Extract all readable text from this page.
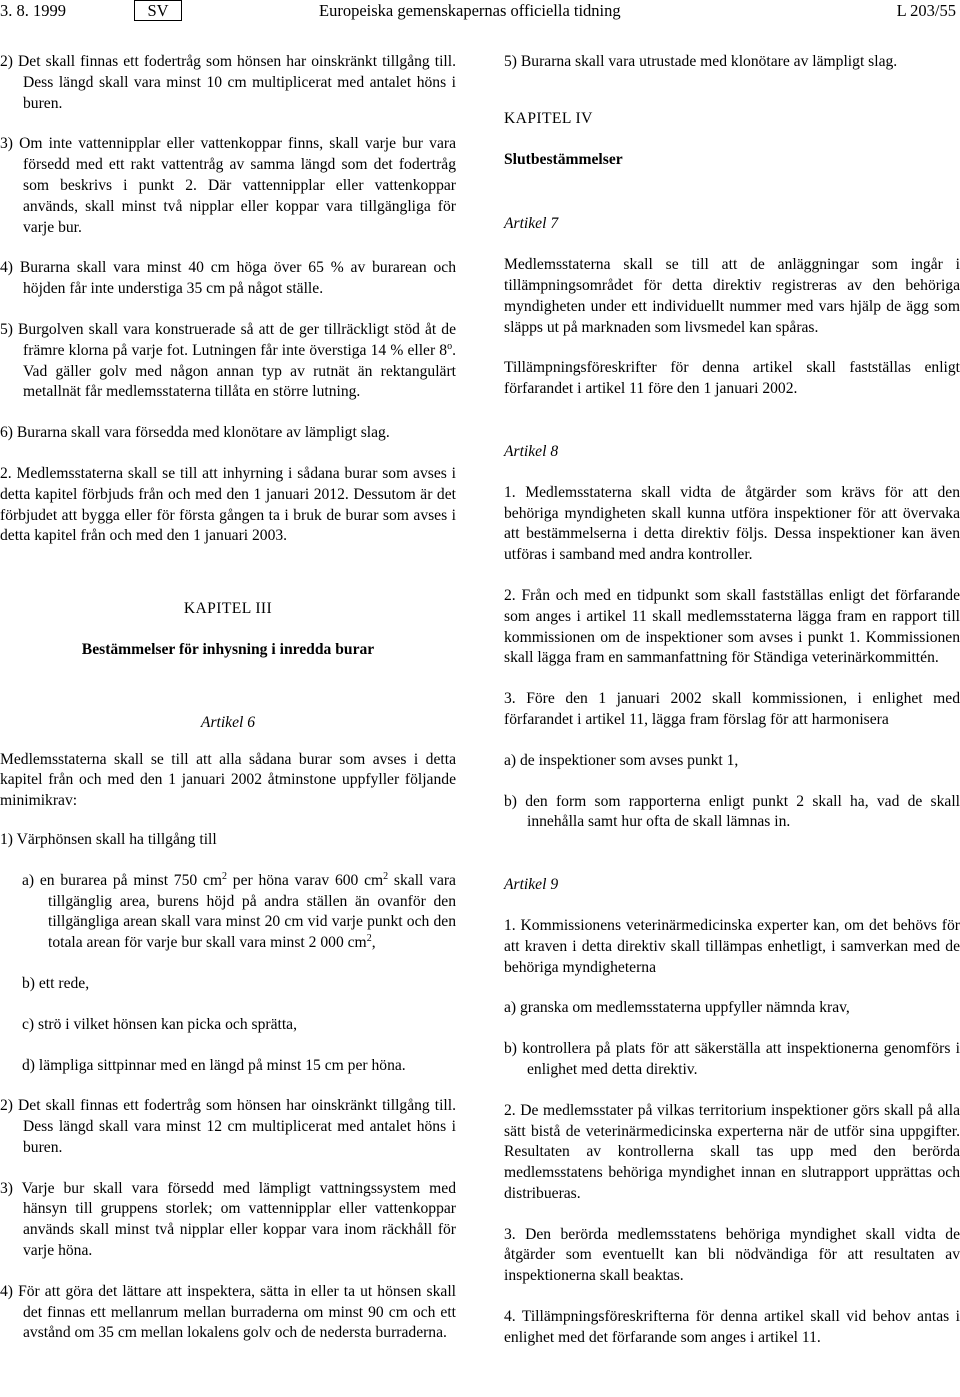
3. 8. 1999	SV	Europeiska gemenskapernas officiella tidning	L 203/55

2) Det skall finnas ett fodertråg som hönsen har oinskränkt tillgång till. Dess längd skall vara minst 10 cm multiplicerat med antalet höns i buren.

3) Om inte vattennipplar eller vattenkoppar finns, skall varje bur vara försedd med ett rakt vattentråg av samma längd som det fodertråg som beskrivs i punkt 2. Där vattennipplar eller vattenkoppar används, skall minst två nipplar eller koppar vara tillgängliga för varje bur.

4) Burarna skall vara minst 40 cm höga över 65 % av burarean och höjden får inte understiga 35 cm på något ställe.

5) Burgolven skall vara konstruerade så att de ger tillräckligt stöd åt de främre klorna på varje fot. Lutningen får inte överstiga 14 % eller 8$^o$. Vad gäller golv med någon annan typ av rutnät än rektangulärt metallnät får medlemsstaterna tillåta en större lutning.

6) Burarna skall vara försedda med klonötare av lämpligt slag.

2. Medlemsstaterna skall se till att inhyrning i sådana burar som avses i detta kapitel förbjuds från och med den 1 januari 2012. Dessutom är det förbjudet att bygga eller för första gången ta i bruk de burar som avses i detta kapitel från och med den 1 januari 2003.

KAPITEL III

Bestämmelser för inhysning i inredda burar

Artikel 6

Medlemsstaterna skall se till att alla sådana burar som avses i detta kapitel från och med den 1 januari 2002 åtminstone uppfyller följande minimikrav:

1) Värphönsen skall ha tillgång till

a) en burarea på minst 750 $cm^2$ per höna varav 600 $cm^2$ skall vara tillgänglig area, burens höjd på andra ställen än ovanför den tillgängliga arean skall vara minst 20 cm vid varje punkt och den totala arean för varje bur skall vara minst 2 000 $cm^2$,

b) ett rede,

c) strö i vilket hönsen kan picka och sprätta,

d) lämpliga sittpinnar med en längd på minst 15 cm per höna.

2) Det skall finnas ett fodertråg som hönsen har oinskränkt tillgång till. Dess längd skall vara minst 12 cm multiplicerat med antalet höns i buren.

3) Varje bur skall vara försedd med lämpligt vattningssystem med hänsyn till gruppens storlek; om vattennipplar eller vattenkoppar används skall minst två nipplar eller koppar vara inom räckhåll för varje höna.

4) För att göra det lättare att inspektera, sätta in eller ta ut hönsen skall det finnas ett mellanrum mellan burraderna om minst 90 cm och ett avstånd om 35 cm mellan lokalens golv och de nedersta burraderna.

5) Burarna skall vara utrustade med klonötare av lämpligt slag.

KAPITEL IV

Slutbestämmelser

Artikel 7

Medlemsstaterna skall se till att de anläggningar som ingår i tillämpningsområdet för detta direktiv registreras av den behöriga myndigheten under ett individuellt nummer med vars hjälp de ägg som släpps ut på marknaden som livsmedel kan spåras.

Tillämpningsföreskrifter för denna artikel skall fastställas enligt förfarandet i artikel 11 före den 1 januari 2002.

Artikel 8

1. Medlemsstaterna skall vidta de åtgärder som krävs för att den behöriga myndigheten skall kunna utföra inspektioner för att övervaka att bestämmelserna i detta direktiv följs. Dessa inspektioner kan även utföras i samband med andra kontroller.

2. Från och med en tidpunkt som skall fastställas enligt det förfarande som anges i artikel 11 skall medlemsstaterna lägga fram en rapport till kommissionen om de inspektioner som avses i punkt 1. Kommissionen skall lägga fram en sammanfattning för Ständiga veterinärkommittén.

3. Före den 1 januari 2002 skall kommissionen, i enlighet med förfarandet i artikel 11, lägga fram förslag för att harmonisera

a) de inspektioner som avses punkt 1,

b) den form som rapporterna enligt punkt 2 skall ha, vad de skall innehålla samt hur ofta de skall lämnas in.

Artikel 9

1. Kommissionens veterinärmedicinska experter kan, om det behövs för att kraven i detta direktiv skall tillämpas enhetligt, i samverkan med de behöriga myndigheterna

a) granska om medlemsstaterna uppfyller nämnda krav,

b) kontrollera på plats för att säkerställa att inspektionerna genomförs i enlighet med detta direktiv.

2. De medlemsstater på vilkas territorium inspektioner görs skall på alla sätt bistå de veterinärmedicinska experterna när de utför sina uppgifter. Resultaten av kontrollerna skall tas upp med den berörda medlemsstatens behöriga myndighet innan en slutrapport upprättas och distribueras.

3. Den berörda medlemsstatens behöriga myndighet skall vidta de åtgärder som eventuellt kan bli nödvändiga för att resultaten av inspektionerna skall beaktas.

4. Tillämpningsföreskrifterna för denna artikel skall vid behov antas i enlighet med det förfarande som anges i artikel 11.
